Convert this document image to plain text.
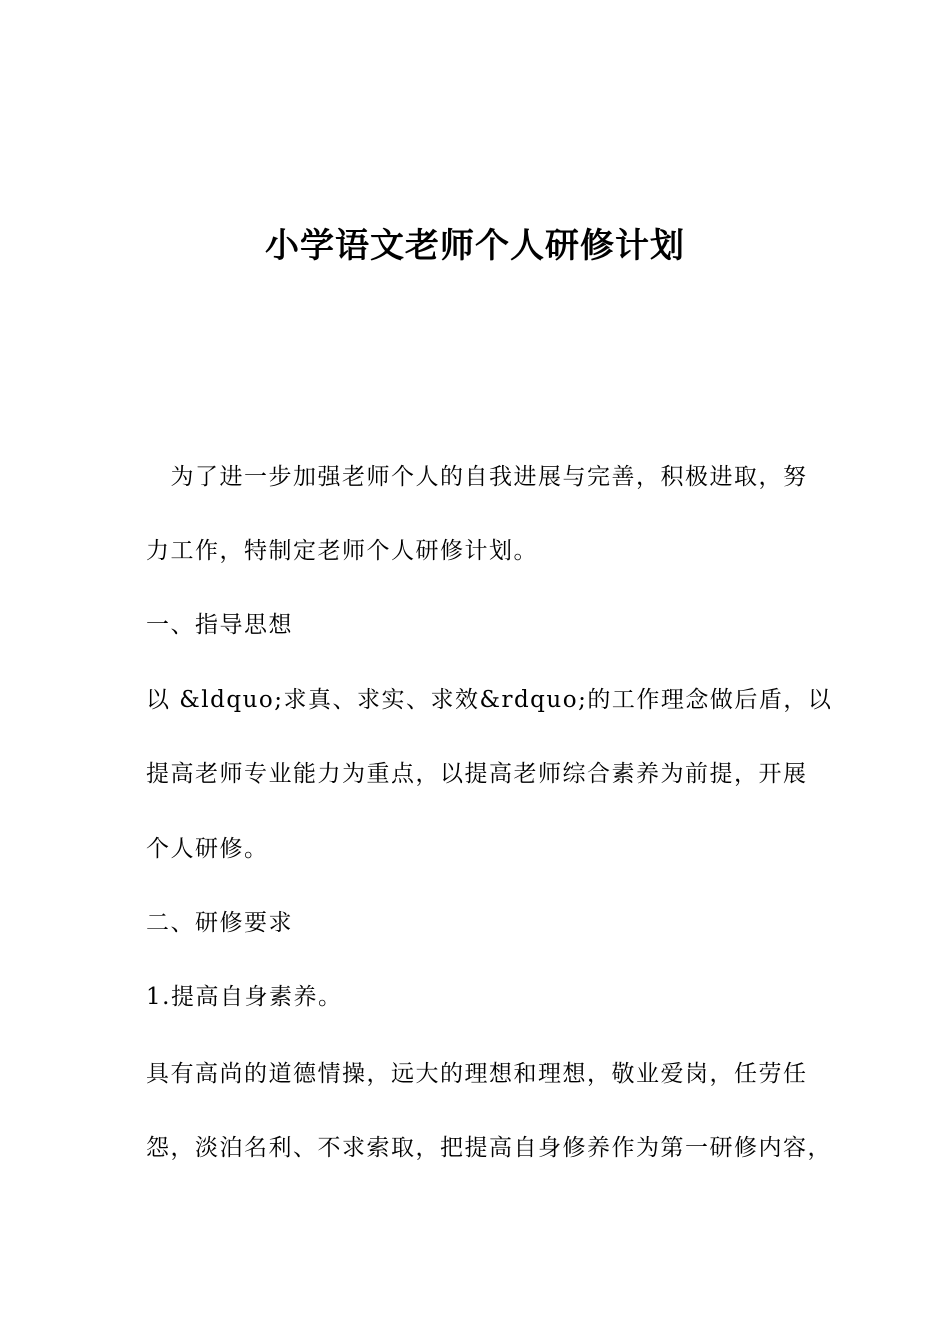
小学语文老师个人研修计划

　为了进一步加强老师个人的自我进展与完善，积极进取，努

力工作，特制定老师个人研修计划。

一、指导思想

以 &ldquo;求真、求实、求效&rdquo;的工作理念做后盾，以

提高老师专业能力为重点，以提高老师综合素养为前提，开展

个人研修。

二、研修要求

1.提高自身素养。

具有高尚的道德情操，远大的理想和理想，敬业爱岗，任劳任

怨，淡泊名利、不求索取，把提高自身修养作为第一研修内容，
